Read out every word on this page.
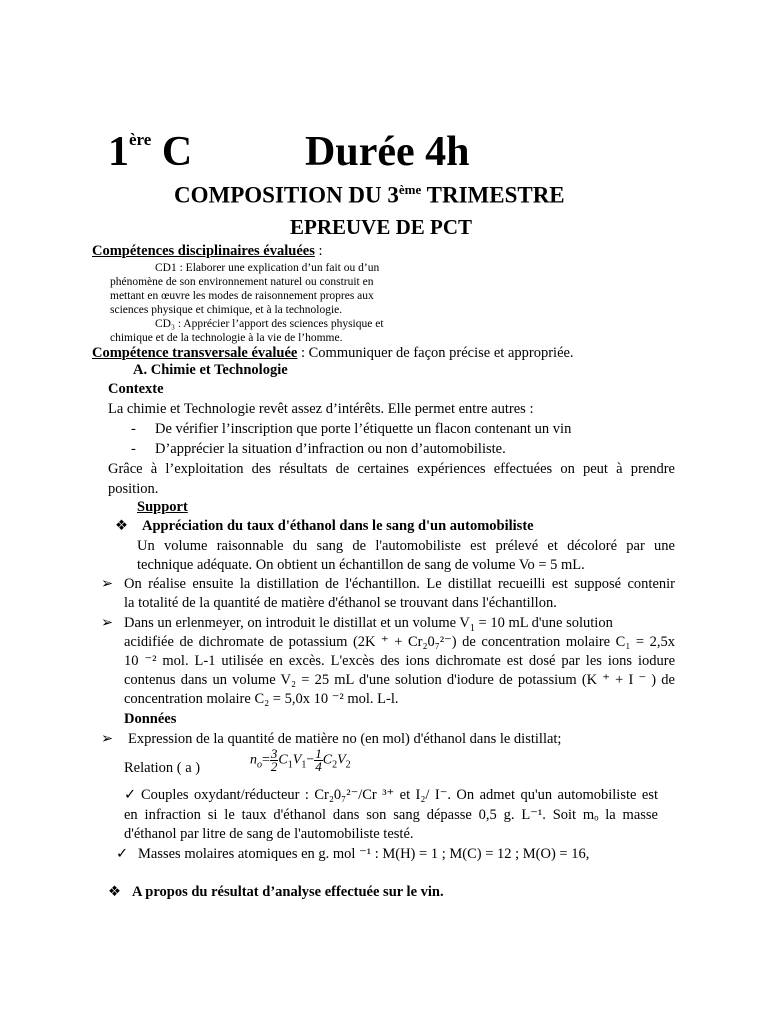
1ère C	Durée 4h
COMPOSITION DU 3ème TRIMESTRE
EPREUVE DE PCT
Compétences disciplinaires évaluées :
CD1 : Elaborer une explication d’un fait ou d’un
phénomène de son environnement naturel ou construit en
mettant en œuvre les modes de raisonnement propres aux
sciences physique et chimique, et à la technologie.
CD₃ : Apprécier l’apport des sciences physique et
chimique et de la technologie à la vie de l’homme.
Compétence transversale évaluée : Communiquer de façon précise et appropriée.
A. Chimie et Technologie
Contexte
La chimie et Technologie revêt assez d’intérêts. Elle permet entre autres :
- De vérifier l’inscription que porte l’étiquette un flacon contenant un vin
- D’apprécier la situation d’infraction ou non d’automobiliste.
Grâce à l’exploitation des résultats de certaines expériences effectuées on peut à prendre
position.
Support
❖ Appréciation du taux d'éthanol dans le sang d'un automobiliste
Un volume raisonnable du sang de l'automobiliste est prélevé et décoloré par une
technique adéquate. On obtient un échantillon de sang de volume Vo = 5 mL.
➢ On réalise ensuite la distillation de l'échantillon. Le distillat recueilli est supposé contenir
la totalité de la quantité de matière d'éthanol se trouvant dans l'échantillon.
➢ Dans un erlenmeyer, on introduit le distillat et un volume $V_1 = 10$ mL d'une solution
acidifiée de dichromate de potassium (2K ⁺ + Cr₂0₇²⁻) de concentration molaire C₁ = 2,5x
10 ⁻² mol. L-1 utilisée en excès. L'excès des ions dichromate est dosé par les ions iodure
contenus dans un volume V₂ = 25 mL d'une solution d'iodure de potassium (K ⁺ + I ⁻ ) de
concentration molaire C₂ = 5,0x 10 ⁻² mol. L-l.
Données
➢ Expression de la quantité de matière no (en mol) d'éthanol dans le distillat;
Relation ( a )	$n_o= \frac{3}{2} C_1V_1- \frac{1}{4} C_2V_2$
✓ Couples oxydant/réducteur : Cr₂0₇²⁻/Cr ³⁺ et I₂/ I⁻. On admet qu'un automobiliste est
en infraction si le taux d'éthanol dans son sang dépasse 0,5 g. L⁻¹. Soit mₒ la masse
d'éthanol par litre de sang de l'automobiliste testé.
✓ Masses molaires atomiques en g. mol ⁻¹ : M(H) = 1 ; M(C) = 12 ; M(O) = 16,
❖ A propos du résultat d’analyse effectuée sur le vin.
